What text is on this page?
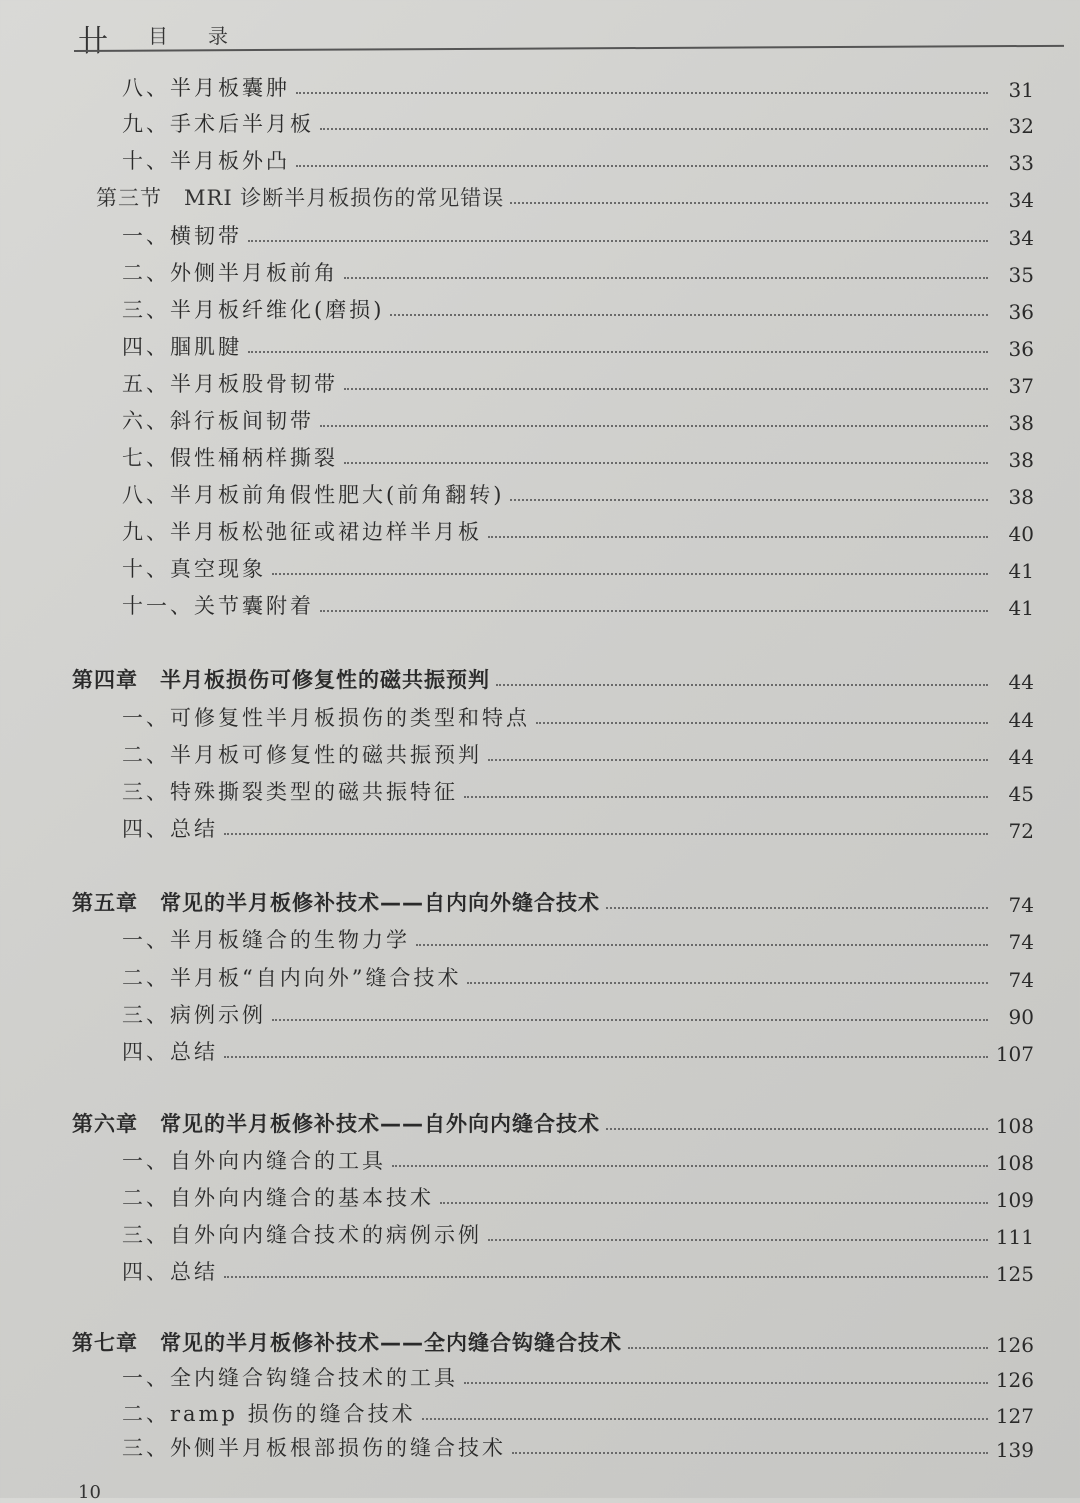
卄 目录
八、半月板囊肿	31
九、手术后半月板	32
十、半月板外凸	33
第三节　MRI 诊断半月板损伤的常见错误	34
一、横韧带	34
二、外侧半月板前角	35
三、半月板纤维化(磨损)	36
四、腘肌腱	36
五、半月板股骨韧带	37
六、斜行板间韧带	38
七、假性桶柄样撕裂	38
八、半月板前角假性肥大(前角翻转)	38
九、半月板松弛征或裙边样半月板	40
十、真空现象	41
十一、关节囊附着	41
第四章　半月板损伤可修复性的磁共振预判	44
一、可修复性半月板损伤的类型和特点	44
二、半月板可修复性的磁共振预判	44
三、特殊撕裂类型的磁共振特征	45
四、总结	72
第五章　常见的半月板修补技术——自内向外缝合技术	74
一、半月板缝合的生物力学	74
二、半月板“自内向外”缝合技术	74
三、病例示例	90
四、总结	107
第六章　常见的半月板修补技术——自外向内缝合技术	108
一、自外向内缝合的工具	108
二、自外向内缝合的基本技术	109
三、自外向内缝合技术的病例示例	111
四、总结	125
第七章　常见的半月板修补技术——全内缝合钩缝合技术	126
一、全内缝合钩缝合技术的工具	126
二、ramp 损伤的缝合技术	127
三、外侧半月板根部损伤的缝合技术	139
10
